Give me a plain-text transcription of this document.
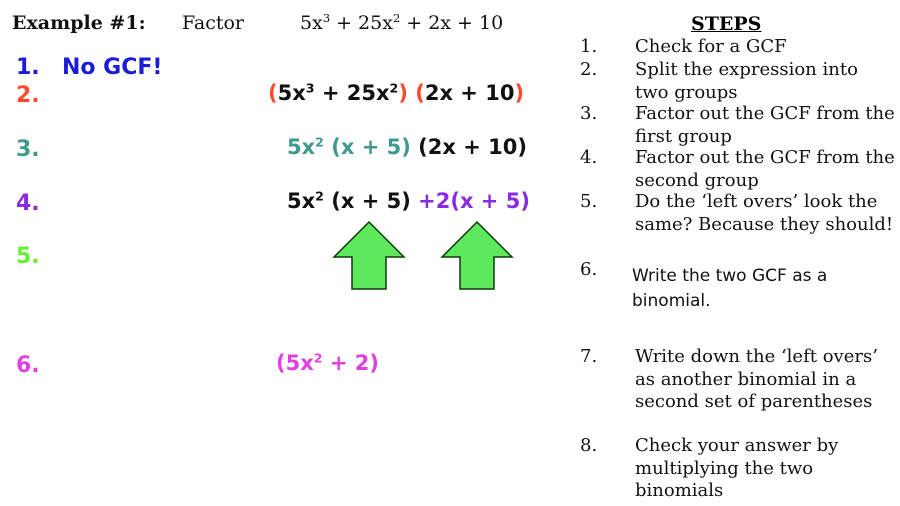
Example #1: Factor	$5x^3 + 25x^2 + 2x + 10$
1. No GCF!
2.	$(5x^3 + 25x^2) (2x + 10)$
3.	$5x^2$ (x + 5) (2x + 10)
4.	$5x^2$ (x + 5) +2(x + 5)
5.
6.	$(5x^2 + 2)$
STEPS
1. Check for a GCF
2. Split the expression into two groups
3. Factor out the GCF from the first group
4. Factor out the GCF from the second group
5. Do the ‘left overs’ look the same? Because they should!
6. Write the two GCF as a binomial.
7. Write down the ‘left overs’ as another binomial in a second set of parentheses
8. Check your answer by multiplying the two binomials
